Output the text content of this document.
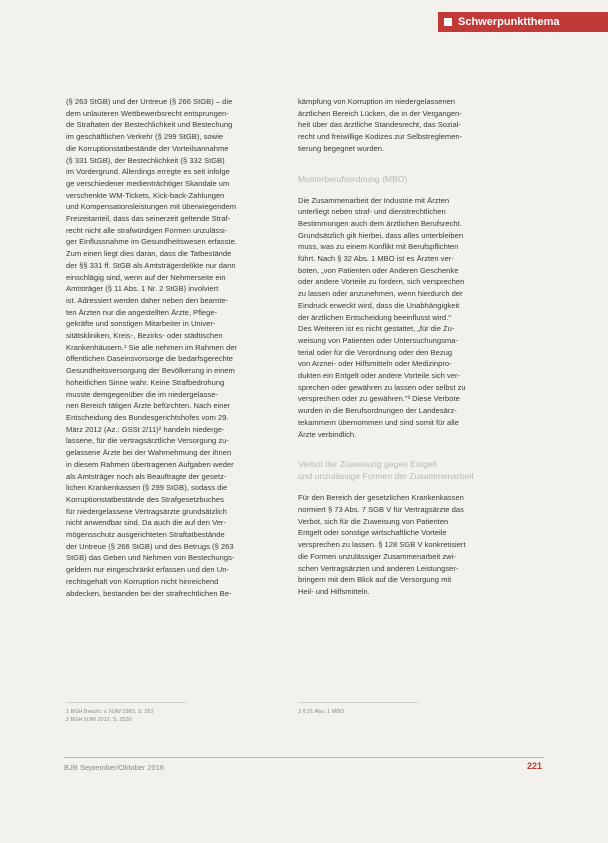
Schwerpunktthema
(§ 263 StGB) und der Untreue (§ 266 StGB) – die
dem unlauteren Wettbewerbsrecht entsprungen-
de Straftaten der Bestechlichkeit und Bestechung
im geschäftlichen Verkehr (§ 299 StGB), sowie
die Korruptionstatbestände der Vorteilsannahme
(§ 331 StGB), der Bestechlichkeit (§ 332 StGB)
im Vordergrund. Allerdings erregte es seit infolge
ge verschiedener medienträchtiger Skandale um
verschenkte WM-Tickets, Kick-back-Zahlungen
und Kompensationsleistungen mit überwiegendem
Freizeitanteil, dass das seinerzeit geltende Straf-
recht nicht alle strafwürdigen Formen unzulässi-
ger Einflussnahme im Gesundheitswesen erfasste.
Zum einen liegt dies daran, dass die Tatbestände
der §§ 331 ff. StGB als Amtsträgerdelikte nur dann
einschlägig sind, wenn auf der Nehmerseite ein
Amtsträger (§ 11 Abs. 1 Nr. 2 StGB) involviert
ist. Adressiert werden daher neben den beamte-
ten Ärzten nur die angestellten Ärzte, Pflege-
gekräfte und sonstigen Mitarbeiter in Univer-
sitätskliniken, Kreis-, Bezirks- oder städtischen
Krankenhäusern.¹ Sie alle nehmen im Rahmen der
öffentlichen Daseinsvorsorge die bedarfsgerechte
Gesundheitsversorgung der Bevölkerung in einem
hoheitlichen Sinne wahr. Keine Strafbedrohung
musste demgegenüber die im niedergelasse-
nen Bereich tätigen Ärzte befürchten. Nach einer
Entscheidung des Bundesgerichtshofes vom 29.
März 2012 (Az.: GSSt 2/11)² handeln niederge-
lassene, für die vertragsärztliche Versorgung zu-
gelassene Ärzte bei der Wahrnehmung der ihnen
in diesem Rahmen übertragenen Aufgaben weder
als Amtsträger noch als Beauftragte der gesetz-
lichen Krankenkassen (§ 299 StGB), sodass die
Korruptionstatbestände des Strafgesetzbuches
für niedergelassene Vertragsärzte grundsätzlich
nicht anwendbar sind. Da auch die auf den Ver-
mögensschutz ausgerichteten Straftatbestände
der Untreue (§ 266 StGB) und des Betrugs (§ 263
StGB) das Geben und Nehmen von Bestechungs-
geldern nur eingeschränkt erfassen und den Un-
rechtsgehalt von Korruption nicht hinreichend
abdecken, bestanden bei der strafrechtlichen Be-
1 BGH Beschl. v. NJW 1983, S. 252
2 BGH NJW 2012, S. 2530
kämpfung von Korruption im niedergelassenen
ärztlichen Bereich Lücken, die in der Vergangen-
heit über das ärztliche Standesrecht, das Sozial-
recht und freiwillige Kodizes zur Selbstreglemen-
tierung begegnet wurden.
Musterberufsordnung (MBO)
Die Zusammenarbeit der Industrie mit Ärzten
unterliegt neben straf- und dienstrechtlichen
Bestimmungen auch dem ärztlichen Berufsrecht.
Grundsätzlich gilt hierbei, dass alles unterbleiben
muss, was zu einem Konflikt mit Berufspflichten
führt. Nach § 32 Abs. 1 MBO ist es Ärzten ver-
boten, „von Patienten oder Anderen Geschenke
oder andere Vorteile zu fordern, sich versprechen
zu lassen oder anzunehmen, wenn hierdurch der
Eindruck erweckt wird, dass die Unabhängigkeit
der ärztlichen Entscheidung beeinflusst wird."
Des Weiteren ist es nicht gestattet, „für die Zu-
weisung von Patienten oder Untersuchungsma-
terial oder für die Verordnung oder den Bezug
von Arznei- oder Hilfsmitteln oder Medizinpro-
dukten ein Entgelt oder andere Vorteile sich ver-
sprechen oder gewähren zu lassen oder selbst zu
versprechen oder zu gewähren."³ Diese Verbote
wurden in die Berufsordnungen der Landesärz-
tekammern übernommen und sind somit für alle
Ärzte verbindlich.
Verbot der Zuweisung gegen Entgelt
und unzulässige Formen der Zusammenarbeit
Für den Bereich der gesetzlichen Krankenkassen
normiert § 73 Abs. 7 SGB V für Vertragsärzte das
Verbot, sich für die Zuweisung von Patienten
Entgelt oder sonstige wirtschaftliche Vorteile
versprechen zu lassen. § 128 SGB V konkretisiert
die Formen unzulässiger Zusammenarbeit zwi-
schen Vertragsärzten und anderen Leistungser-
bringern mit dem Blick auf die Versorgung mit
Heil- und Hilfsmitteln.
3 § 31 Abs. 1 MBO
BJB September/Oktober 2016	221
